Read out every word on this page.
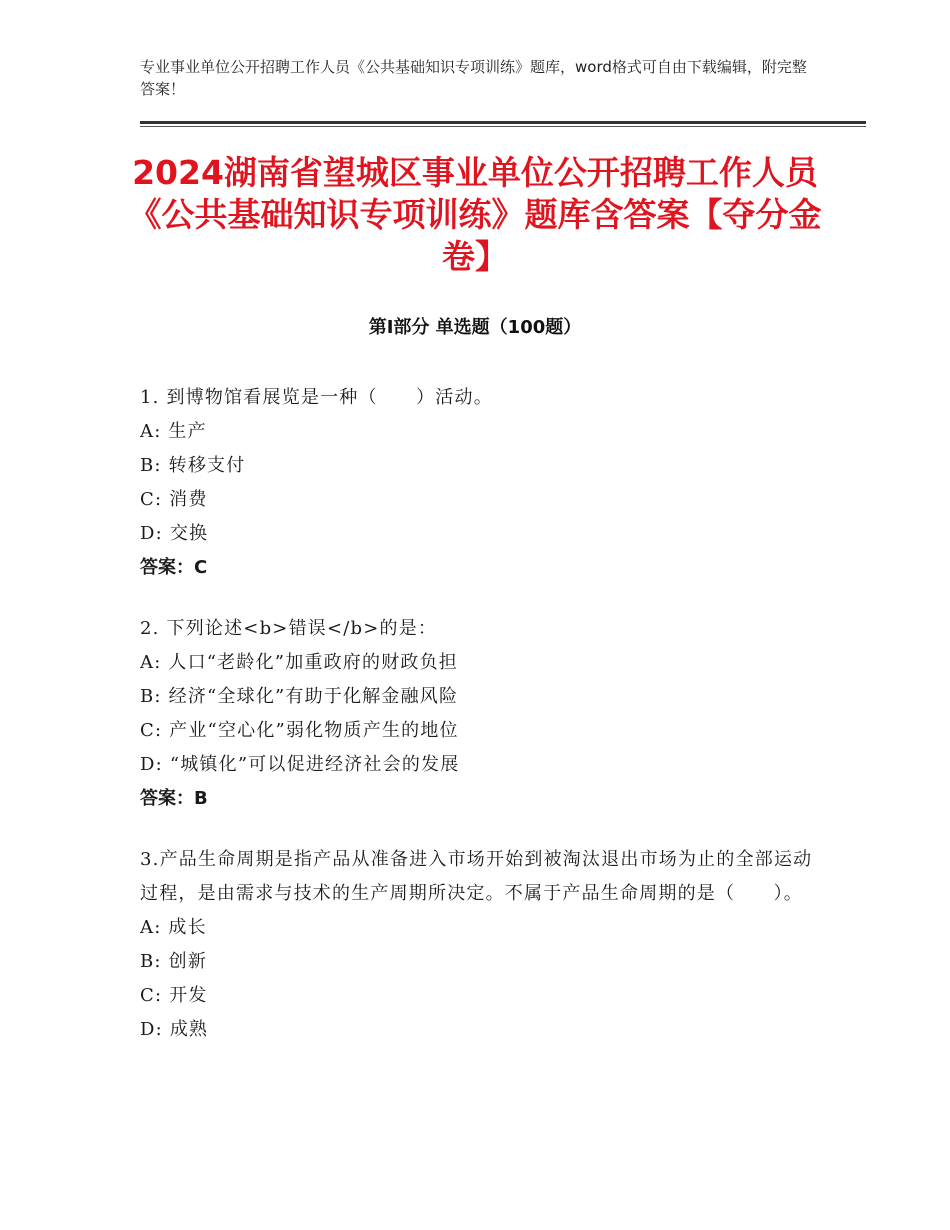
专业事业单位公开招聘工作人员《公共基础知识专项训练》题库，word格式可自由下载编辑，附完整答案！
2024湖南省望城区事业单位公开招聘工作人员《公共基础知识专项训练》题库含答案【夺分金卷】
第Ⅰ部分 单选题（100题）
1. 到博物馆看展览是一种（　　）活动。
A: 生产
B: 转移支付
C: 消费
D: 交换
答案：C
2. 下列论述<b>错误</b>的是：
A: 人口“老龄化”加重政府的财政负担
B: 经济“全球化”有助于化解金融风险
C: 产业“空心化”弱化物质产生的地位
D: “城镇化”可以促进经济社会的发展
答案：B
3.产品生命周期是指产品从准备进入市场开始到被淘汰退出市场为止的全部运动过程，是由需求与技术的生产周期所决定。不属于产品生命周期的是（　　）。
A: 成长
B: 创新
C: 开发
D: 成熟
